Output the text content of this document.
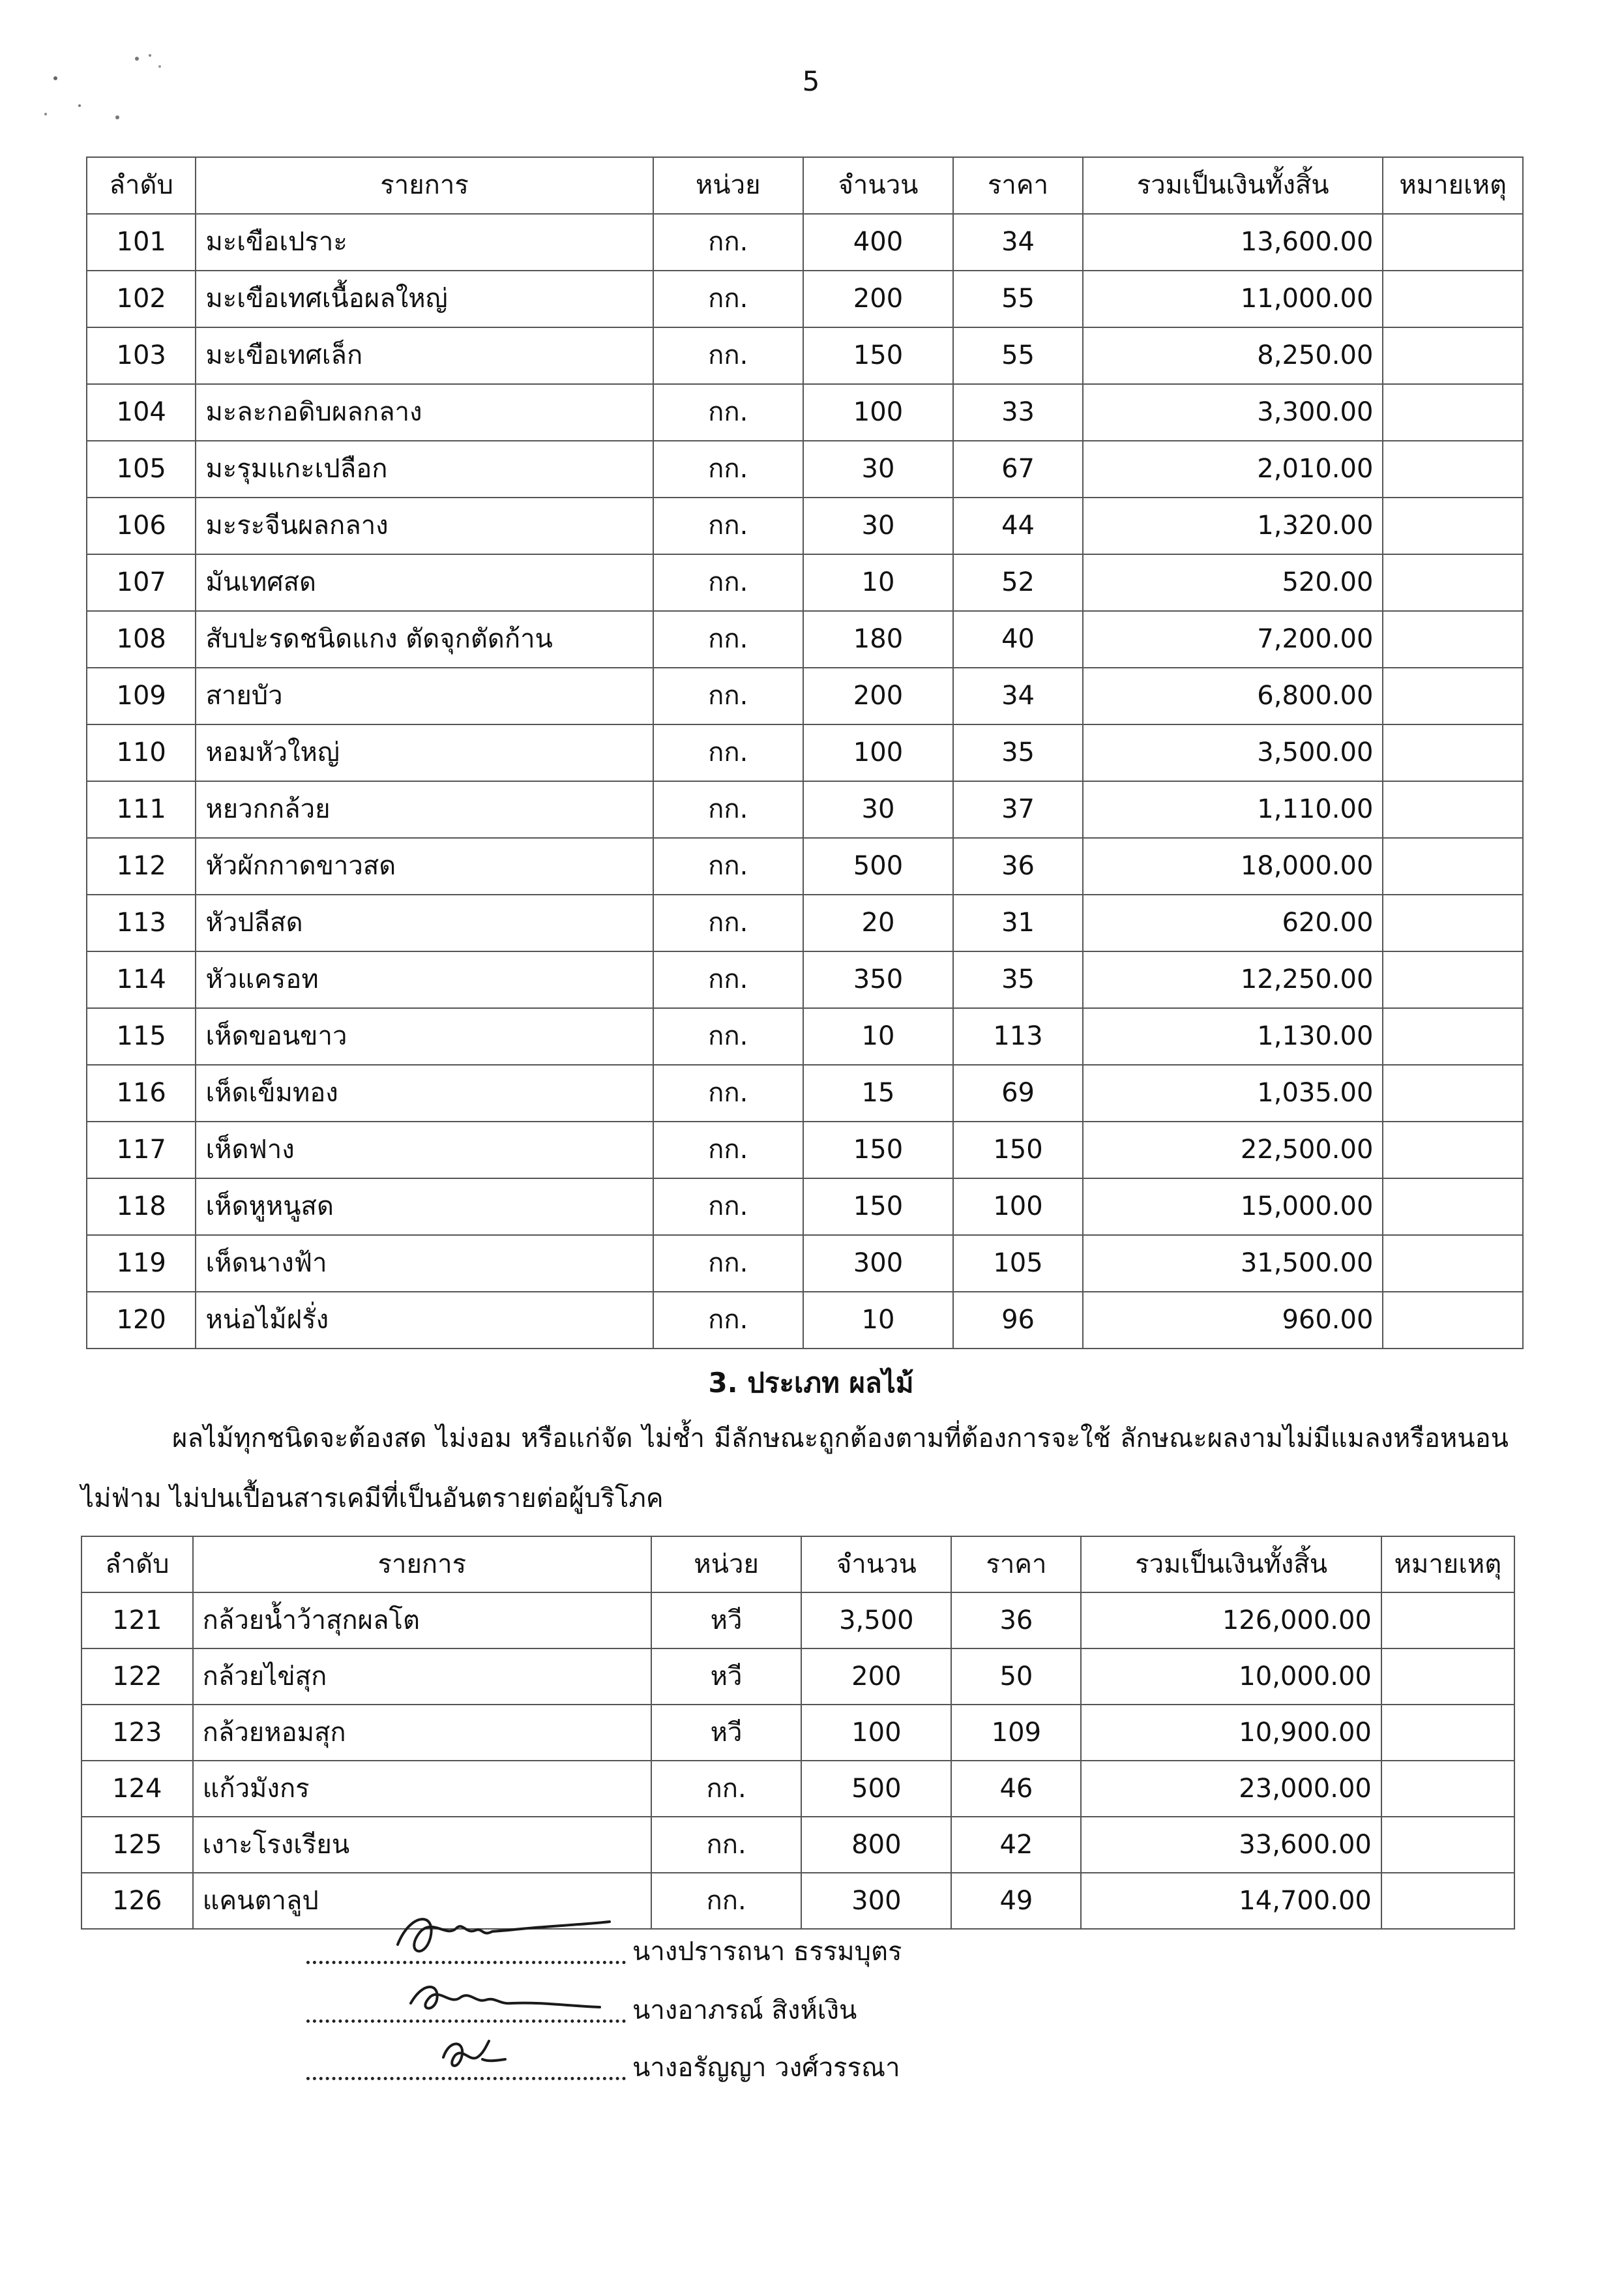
5
ลำดับ	รายการ	หน่วย	จำนวน	ราคา	รวมเป็นเงินทั้งสิ้น	หมายเหตุ
101	มะเขือเปราะ	กก.	400	34	13,600.00	
102	มะเขือเทศเนื้อผลใหญ่	กก.	200	55	11,000.00	
103	มะเขือเทศเล็ก	กก.	150	55	8,250.00	
104	มะละกอดิบผลกลาง	กก.	100	33	3,300.00	
105	มะรุมแกะเปลือก	กก.	30	67	2,010.00	
106	มะระจีนผลกลาง	กก.	30	44	1,320.00	
107	มันเทศสด	กก.	10	52	520.00	
108	สับปะรดชนิดแกง ตัดจุกตัดก้าน	กก.	180	40	7,200.00	
109	สายบัว	กก.	200	34	6,800.00	
110	หอมหัวใหญ่	กก.	100	35	3,500.00	
111	หยวกกล้วย	กก.	30	37	1,110.00	
112	หัวผักกาดขาวสด	กก.	500	36	18,000.00	
113	หัวปลีสด	กก.	20	31	620.00	
114	หัวแครอท	กก.	350	35	12,250.00	
115	เห็ดขอนขาว	กก.	10	113	1,130.00	
116	เห็ดเข็มทอง	กก.	15	69	1,035.00	
117	เห็ดฟาง	กก.	150	150	22,500.00	
118	เห็ดหูหนูสด	กก.	150	100	15,000.00	
119	เห็ดนางฟ้า	กก.	300	105	31,500.00	
120	หน่อไม้ฝรั่ง	กก.	10	96	960.00	
3. ประเภท ผลไม้
ผลไม้ทุกชนิดจะต้องสด ไม่งอม หรือแก่จัด ไม่ช้ำ มีลักษณะถูกต้องตามที่ต้องการจะใช้ ลักษณะผลงามไม่มีแมลงหรือหนอน ไม่ฟ่าม ไม่ปนเปื้อนสารเคมีที่เป็นอันตรายต่อผู้บริโภค
ลำดับ	รายการ	หน่วย	จำนวน	ราคา	รวมเป็นเงินทั้งสิ้น	หมายเหตุ
121	กล้วยน้ำว้าสุกผลโต	หวี	3,500	36	126,000.00	
122	กล้วยไข่สุก	หวี	200	50	10,000.00	
123	กล้วยหอมสุก	หวี	100	109	10,900.00	
124	แก้วมังกร	กก.	500	46	23,000.00	
125	เงาะโรงเรียน	กก.	800	42	33,600.00	
126	แคนตาลูป	กก.	300	49	14,700.00	
นางปรารถนา ธรรมบุตร
นางอาภรณ์ สิงห์เงิน
นางอรัญญา วงศ์วรรณา
